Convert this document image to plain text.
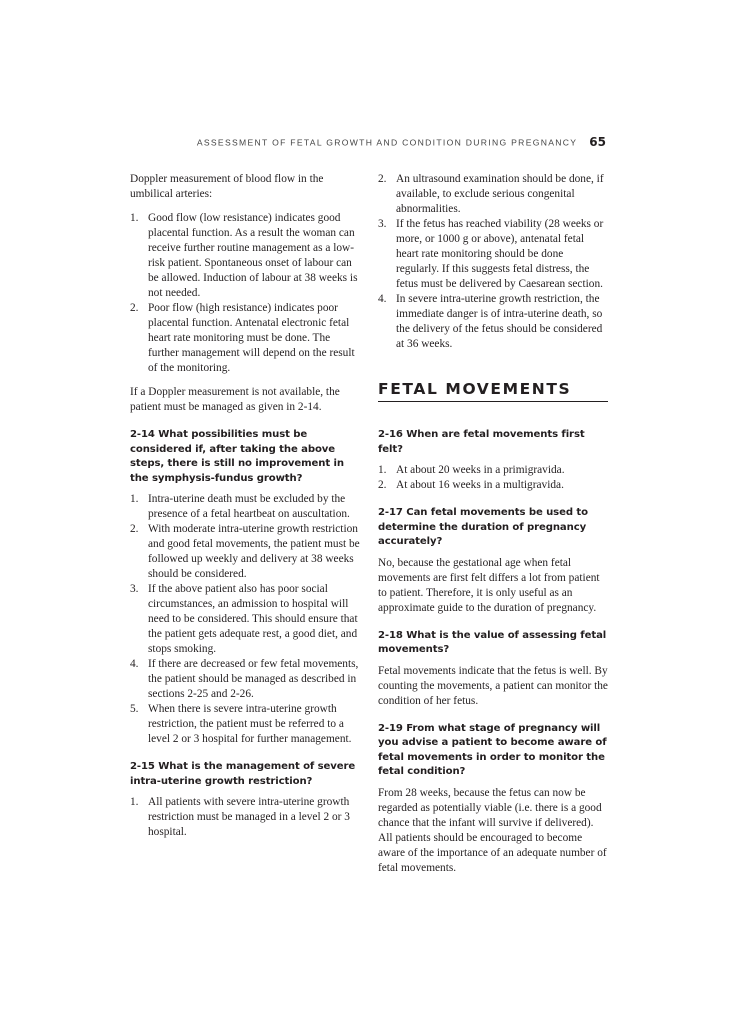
ASSESSMENT OF FETAL GROWTH AND CONDITION DURING PREGNANCY 65

Doppler measurement of blood flow in the umbilical arteries:

1. Good flow (low resistance) indicates good placental function. As a result the woman can receive further routine management as a low-risk patient. Spontaneous onset of labour can be allowed. Induction of labour at 38 weeks is not needed.
2. Poor flow (high resistance) indicates poor placental function. Antenatal electronic fetal heart rate monitoring must be done. The further management will depend on the result of the monitoring.

If a Doppler measurement is not available, the patient must be managed as given in 2-14.

2-14 What possibilities must be considered if, after taking the above steps, there is still no improvement in the symphysis-fundus growth?
1. Intra-uterine death must be excluded by the presence of a fetal heartbeat on auscultation.
2. With moderate intra-uterine growth restriction and good fetal movements, the patient must be followed up weekly and delivery at 38 weeks should be considered.
3. If the above patient also has poor social circumstances, an admission to hospital will need to be considered. This should ensure that the patient gets adequate rest, a good diet, and stops smoking.
4. If there are decreased or few fetal movements, the patient should be managed as described in sections 2-25 and 2-26.
5. When there is severe intra-uterine growth restriction, the patient must be referred to a level 2 or 3 hospital for further management.
2-15 What is the management of severe intra-uterine growth restriction?
1. All patients with severe intra-uterine growth restriction must be managed in a level 2 or 3 hospital.
2. An ultrasound examination should be done, if available, to exclude serious congenital abnormalities.
3. If the fetus has reached viability (28 weeks or more, or 1000 g or above), antenatal fetal heart rate monitoring should be done regularly. If this suggests fetal distress, the fetus must be delivered by Caesarean section.
4. In severe intra-uterine growth restriction, the immediate danger is of intra-uterine death, so the delivery of the fetus should be considered at 36 weeks.
FETAL MOVEMENTS
2-16 When are fetal movements first felt?
1. At about 20 weeks in a primigravida.
2. At about 16 weeks in a multigravida.
2-17 Can fetal movements be used to determine the duration of pregnancy accurately?

No, because the gestational age when fetal movements are first felt differs a lot from patient to patient. Therefore, it is only useful as an approximate guide to the duration of pregnancy.

2-18 What is the value of assessing fetal movements?

Fetal movements indicate that the fetus is well. By counting the movements, a patient can monitor the condition of her fetus.

2-19 From what stage of pregnancy will you advise a patient to become aware of fetal movements in order to monitor the fetal condition?

From 28 weeks, because the fetus can now be regarded as potentially viable (i.e. there is a good chance that the infant will survive if delivered). All patients should be encouraged to become aware of the importance of an adequate number of fetal movements.
